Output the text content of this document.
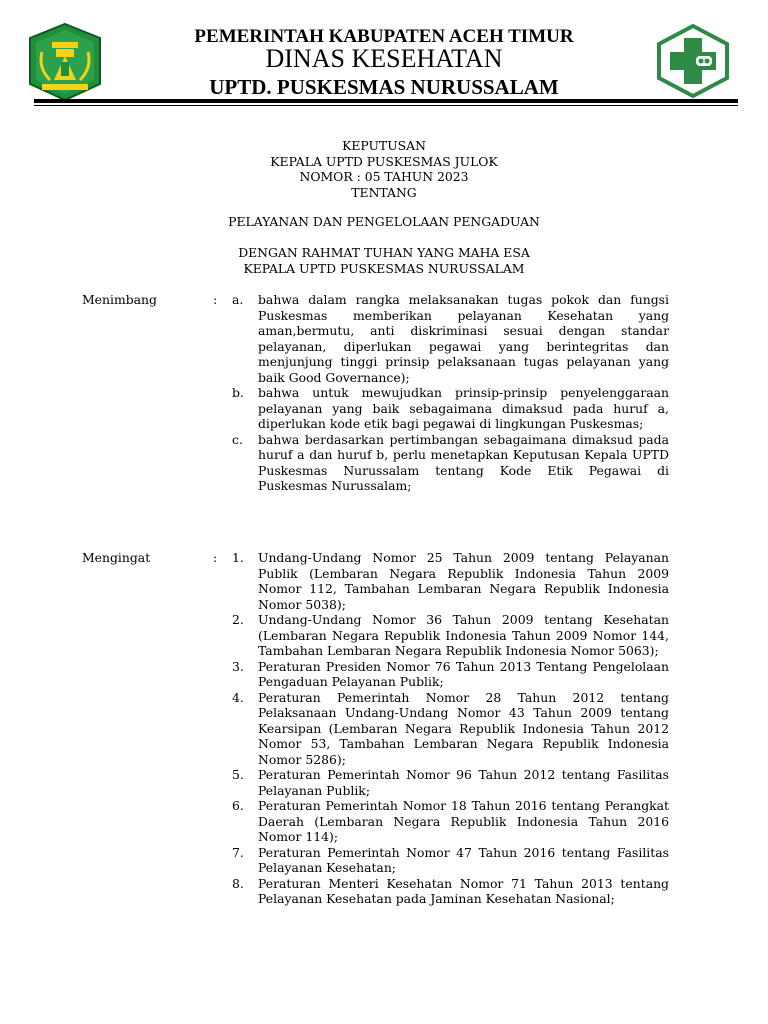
PEMERINTAH KABUPATEN ACEH TIMUR
DINAS KESEHATAN
UPTD. PUSKESMAS NURUSSALAM
KEPUTUSAN
KEPALA UPTD PUSKESMAS JULOK
NOMOR : 05 TAHUN 2023
TENTANG
PELAYANAN DAN PENGELOLAAN PENGADUAN
DENGAN RAHMAT TUHAN YANG MAHA ESA
KEPALA UPTD PUSKESMAS NURUSSALAM
Menimbang	: a.	bahwa dalam rangka melaksanakan tugas pokok dan fungsi Puskesmas memberikan pelayanan Kesehatan yang aman,bermutu, anti diskriminasi sesuai dengan standar pelayanan, diperlukan pegawai yang berintegritas dan menjunjung tinggi prinsip pelaksanaan tugas pelayanan yang baik Good Governance);
b.	bahwa untuk mewujudkan prinsip-prinsip penyelenggaraan pelayanan yang baik sebagaimana dimaksud pada huruf a, diperlukan kode etik bagi pegawai di lingkungan Puskesmas;
c.	bahwa berdasarkan pertimbangan sebagaimana dimaksud pada huruf a dan huruf b, perlu menetapkan Keputusan Kepala UPTD Puskesmas Nurussalam tentang Kode Etik Pegawai di Puskesmas Nurussalam;
Mengingat	: 1.	Undang-Undang Nomor 25 Tahun 2009 tentang Pelayanan Publik (Lembaran Negara Republik Indonesia Tahun 2009 Nomor 112, Tambahan Lembaran Negara Republik Indonesia Nomor 5038);
2.	Undang-Undang Nomor 36 Tahun 2009 tentang Kesehatan (Lembaran Negara Republik Indonesia Tahun 2009 Nomor 144, Tambahan Lembaran Negara Republik Indonesia Nomor 5063);
3.	Peraturan Presiden Nomor 76 Tahun 2013 Tentang Pengelolaan Pengaduan Pelayanan Publik;
4.	Peraturan Pemerintah Nomor 28 Tahun 2012 tentang Pelaksanaan Undang-Undang Nomor 43 Tahun 2009 tentang Kearsipan (Lembaran Negara Republik Indonesia Tahun 2012 Nomor 53, Tambahan Lembaran Negara Republik Indonesia Nomor 5286);
5.	Peraturan Pemerintah Nomor 96 Tahun 2012 tentang Fasilitas Pelayanan Publik;
6.	Peraturan Pemerintah Nomor 18 Tahun 2016 tentang Perangkat Daerah (Lembaran Negara Republik Indonesia Tahun 2016 Nomor 114);
7.	Peraturan Pemerintah Nomor 47 Tahun 2016 tentang Fasilitas Pelayanan Kesehatan;
8.	Peraturan Menteri Kesehatan Nomor 71 Tahun 2013 tentang Pelayanan Kesehatan pada Jaminan Kesehatan Nasional;
